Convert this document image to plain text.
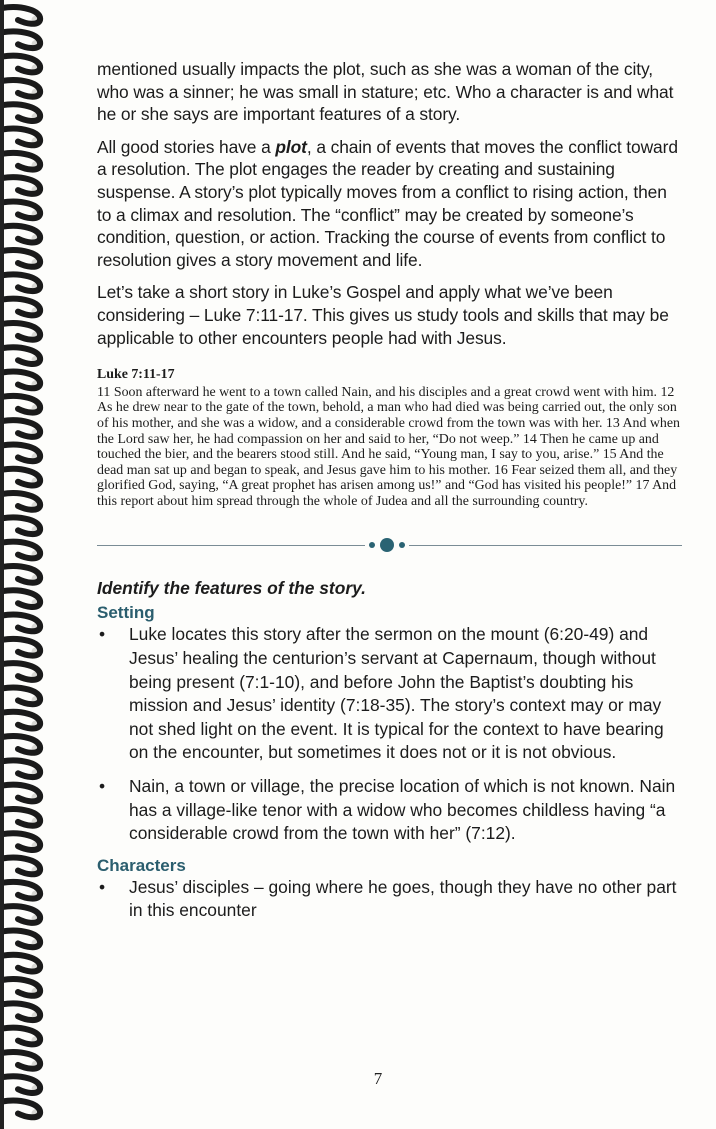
mentioned usually impacts the plot, such as she was a woman of the city, who was a sinner; he was small in stature; etc. Who a character is and what he or she says are important features of a story.

All good stories have a plot, a chain of events that moves the conflict toward a resolution. The plot engages the reader by creating and sustaining suspense. A story’s plot typically moves from a conflict to rising action, then to a climax and resolution. The “conflict” may be created by someone’s condition, question, or action. Tracking the course of events from conflict to resolution gives a story movement and life.

Let’s take a short story in Luke’s Gospel and apply what we’ve been considering – Luke 7:11-17. This gives us study tools and skills that may be applicable to other encounters people had with Jesus.

Luke 7:11-17
11 Soon afterward he went to a town called Nain, and his disciples and a great crowd went with him. 12 As he drew near to the gate of the town, behold, a man who had died was being carried out, the only son of his mother, and she was a widow, and a considerable crowd from the town was with her. 13 And when the Lord saw her, he had compassion on her and said to her, “Do not weep.” 14 Then he came up and touched the bier, and the bearers stood still. And he said, “Young man, I say to you, arise.” 15 And the dead man sat up and began to speak, and Jesus gave him to his mother. 16 Fear seized them all, and they glorified God, saying, “A great prophet has arisen among us!” and “God has visited his people!” 17 And this report about him spread through the whole of Judea and all the surrounding country.

Identify the features of the story.

Setting

• Luke locates this story after the sermon on the mount (6:20-49) and Jesus’ healing the centurion’s servant at Capernaum, though without being present (7:1-10), and before John the Baptist’s doubting his mission and Jesus’ identity (7:18-35). The story’s context may or may not shed light on the event. It is typical for the context to have bearing on the encounter, but sometimes it does not or it is not obvious.
• Nain, a town or village, the precise location of which is not known. Nain has a village-like tenor with a widow who becomes childless having “a considerable crowd from the town with her” (7:12).

Characters

• Jesus’ disciples – going where he goes, though they have no other part in this encounter
7
